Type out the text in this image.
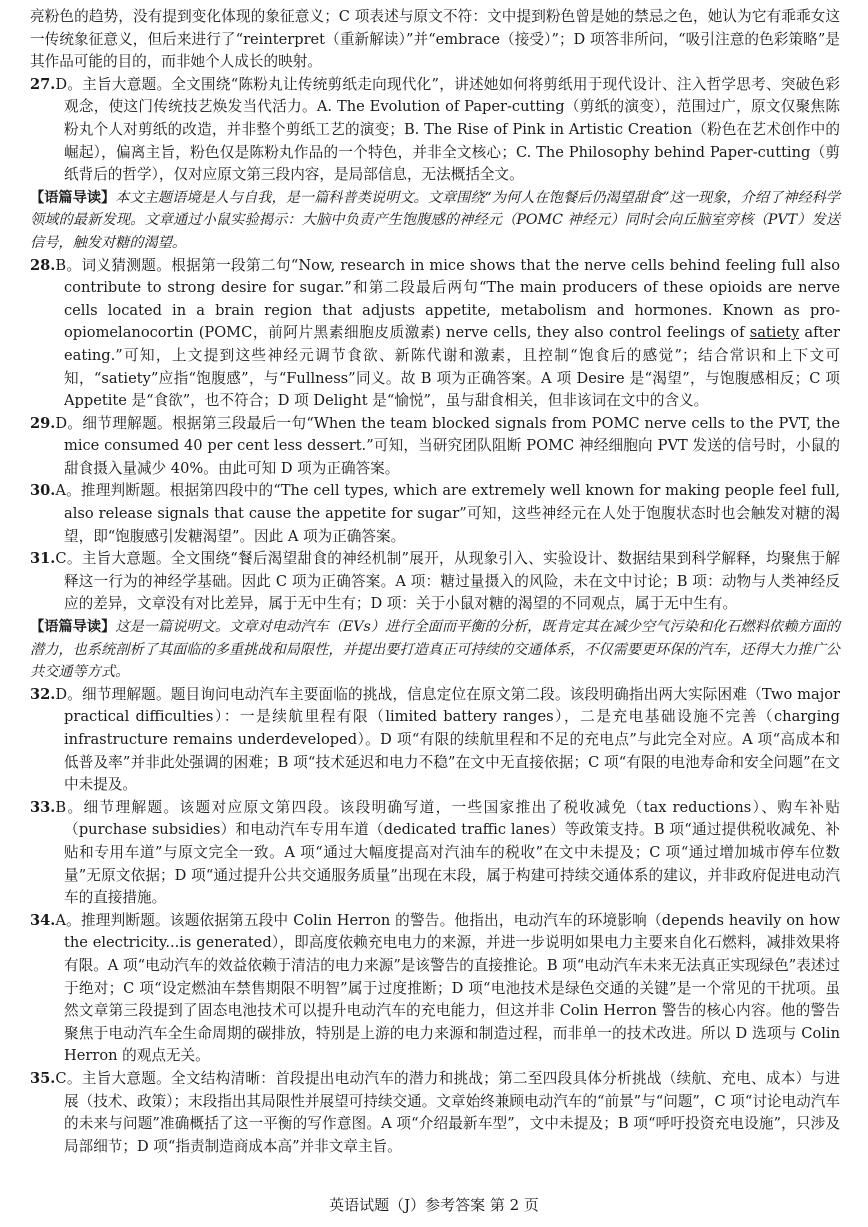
亮粉色的趋势，没有提到变化体现的象征意义；C 项表述与原文不符：文中提到粉色曾是她的禁忌之色，她认为它有乖乖女这一传统象征意义，但后来进行了“reinterpret（重新解读）”并“embrace（接受）”；D 项答非所问，“吸引注意的色彩策略”是其作品可能的目的，而非她个人成长的映射。

27.D。主旨大意题。全文围绕“陈粉丸让传统剪纸走向现代化”，讲述她如何将剪纸用于现代设计、注入哲学思考、突破色彩观念，使这门传统技艺焕发当代活力。A. The Evolution of Paper-cutting（剪纸的演变），范围过广，原文仅聚焦陈粉丸个人对剪纸的改造，并非整个剪纸工艺的演变；B. The Rise of Pink in Artistic Creation（粉色在艺术创作中的崛起），偏离主旨，粉色仅是陈粉丸作品的一个特色，并非全文核心；C. The Philosophy behind Paper-cutting（剪纸背后的哲学），仅对应原文第三段内容，是局部信息，无法概括全文。

【语篇导读】本文主题语境是人与自我，是一篇科普类说明文。文章围绕“为何人在饱餐后仍渴望甜食”这一现象，介绍了神经科学领域的最新发现。文章通过小鼠实验揭示：大脑中负责产生饱腹感的神经元（POMC 神经元）同时会向丘脑室旁核（PVT）发送信号，触发对糖的渴望。

28.B。词义猜测题。根据第一段第二句“Now, research in mice shows that the nerve cells behind feeling full also contribute to strong desire for sugar.”和第二段最后两句“The main producers of these opioids are nerve cells located in a brain region that adjusts appetite, metabolism and hormones. Known as pro-opiomelanocortin (POMC，前阿片黑素细胞皮质激素) nerve cells, they also control feelings of satiety after eating.”可知，上文提到这些神经元调节食欲、新陈代谢和激素，且控制“饱食后的感觉”；结合常识和上下文可知，“satiety”应指“饱腹感”，与“Fullness”同义。故 B 项为正确答案。A 项 Desire 是“渴望”，与饱腹感相反；C 项 Appetite 是“食欲”，也不符合；D 项 Delight 是“愉悦”，虽与甜食相关，但非该词在文中的含义。

29.D。细节理解题。根据第三段最后一句“When the team blocked signals from POMC nerve cells to the PVT, the mice consumed 40 per cent less dessert.”可知，当研究团队阻断 POMC 神经细胞向 PVT 发送的信号时，小鼠的甜食摄入量减少 40%。由此可知 D 项为正确答案。

30.A。推理判断题。根据第四段中的“The cell types, which are extremely well known for making people feel full, also release signals that cause the appetite for sugar”可知，这些神经元在人处于饱腹状态时也会触发对糖的渴望，即“饱腹感引发糖渴望”。因此 A 项为正确答案。

31.C。主旨大意题。全文围绕“餐后渴望甜食的神经机制”展开，从现象引入、实验设计、数据结果到科学解释，均聚焦于解释这一行为的神经学基础。因此 C 项为正确答案。A 项：糖过量摄入的风险，未在文中讨论；B 项：动物与人类神经反应的差异，文章没有对比差异，属于无中生有；D 项：关于小鼠对糖的渴望的不同观点，属于无中生有。

【语篇导读】这是一篇说明文。文章对电动汽车（EVs）进行全面而平衡的分析，既肯定其在减少空气污染和化石燃料依赖方面的潜力，也系统剖析了其面临的多重挑战和局限性，并提出要打造真正可持续的交通体系，不仅需要更环保的汽车，还得大力推广公共交通等方式。

32.D。细节理解题。题目询问电动汽车主要面临的挑战，信息定位在原文第二段。该段明确指出两大实际困难（Two major practical difficulties）：一是续航里程有限（limited battery ranges），二是充电基础设施不完善（charging infrastructure remains underdeveloped）。D 项“有限的续航里程和不足的充电点”与此完全对应。A 项“高成本和低普及率”并非此处强调的困难；B 项“技术延迟和电力不稳”在文中无直接依据；C 项“有限的电池寿命和安全问题”在文中未提及。

33.B。细节理解题。该题对应原文第四段。该段明确写道，一些国家推出了税收减免（tax reductions）、购车补贴（purchase subsidies）和电动汽车专用车道（dedicated traffic lanes）等政策支持。B 项“通过提供税收减免、补贴和专用车道”与原文完全一致。A 项“通过大幅度提高对汽油车的税收”在文中未提及；C 项“通过增加城市停车位数量”无原文依据；D 项“通过提升公共交通服务质量”出现在末段，属于构建可持续交通体系的建议，并非政府促进电动汽车的直接措施。

34.A。推理判断题。该题依据第五段中 Colin Herron 的警告。他指出，电动汽车的环境影响（depends heavily on how the electricity...is generated），即高度依赖充电电力的来源，并进一步说明如果电力主要来自化石燃料，减排效果将有限。A 项“电动汽车的效益依赖于清洁的电力来源”是该警告的直接推论。B 项“电动汽车未来无法真正实现绿色”表述过于绝对；C 项“设定燃油车禁售期限不明智”属于过度推断；D 项“电池技术是绿色交通的关键”是一个常见的干扰项。虽然文章第三段提到了固态电池技术可以提升电动汽车的充电能力，但这并非 Colin Herron 警告的核心内容。他的警告聚焦于电动汽车全生命周期的碳排放，特别是上游的电力来源和制造过程，而非单一的技术改进。所以 D 选项与 Colin Herron 的观点无关。

35.C。主旨大意题。全文结构清晰：首段提出电动汽车的潜力和挑战；第二至四段具体分析挑战（续航、充电、成本）与进展（技术、政策）；末段指出其局限性并展望可持续交通。文章始终兼顾电动汽车的“前景”与“问题”，C 项“讨论电动汽车的未来与问题”准确概括了这一平衡的写作意图。A 项“介绍最新车型”，文中未提及；B 项“呼吁投资充电设施”，只涉及局部细节；D 项“指责制造商成本高”并非文章主旨。

英语试题（J）参考答案 第 2 页
